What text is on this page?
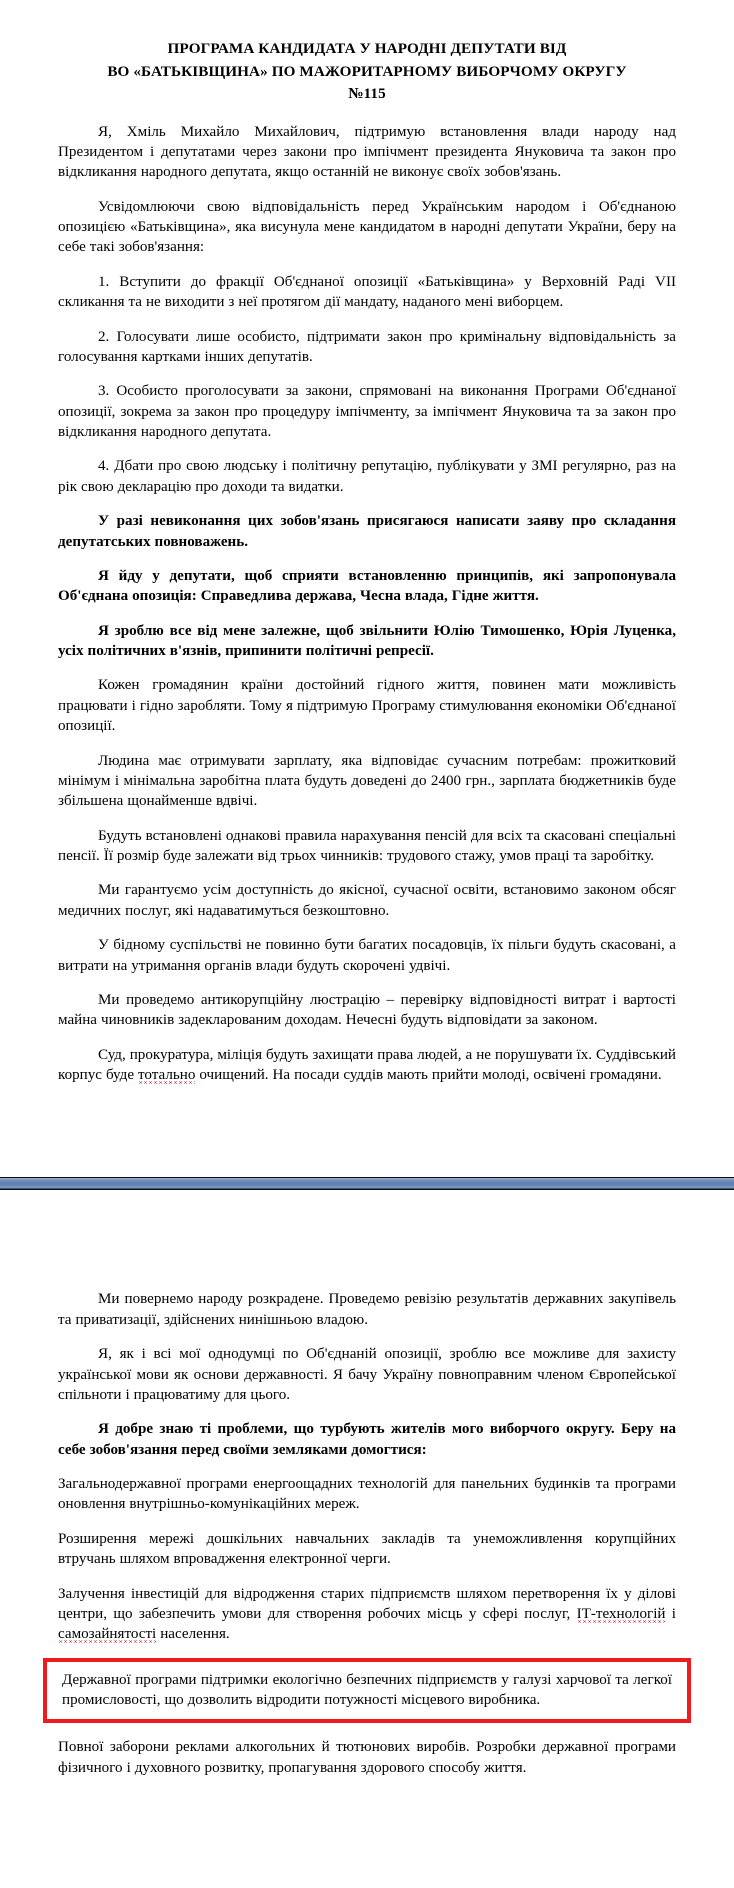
ПРОГРАМА КАНДИДАТА У НАРОДНІ ДЕПУТАТИ ВІД
ВО «БАТЬКІВЩИНА» ПО МАЖОРИТАРНОМУ ВИБОРЧОМУ ОКРУГУ
№115

Я, Хміль Михайло Михайлович, підтримую встановлення влади народу над Президентом і депутатами через закони про імпічмент президента Януковича та закон про відкликання народного депутата, якщо останній не виконує своїх зобов'язань.

Усвідомлюючи свою відповідальність перед Українським народом і Об'єднаною опозицією «Батьківщина», яка висунула мене кандидатом в народні депутати України, беру на себе такі зобов'язання:

1. Вступити до фракції Об'єднаної опозиції «Батьківщина» у Верховній Раді VII скликання та не виходити з неї протягом дії мандату, наданого мені виборцем.

2. Голосувати лише особисто, підтримати закон про кримінальну відповідальність за голосування картками інших депутатів.

3. Особисто проголосувати за закони, спрямовані на виконання Програми Об'єднаної опозиції, зокрема за закон про процедуру імпічменту, за імпічмент Януковича та за закон про відкликання народного депутата.

4. Дбати про свою людську і політичну репутацію, публікувати у ЗМІ регулярно, раз на рік свою декларацію про доходи та видатки.

У разі невиконання цих зобов'язань присягаюся написати заяву про складання депутатських повноважень.

Я йду у депутати, щоб сприяти встановленню принципів, які запропонувала Об'єднана опозиція: Справедлива держава, Чесна влада, Гідне життя.

Я зроблю все від мене залежне, щоб звільнити Юлію Тимошенко, Юрія Луценка, усіх політичних в'язнів, припинити політичні репресії.

Кожен громадянин країни достойний гідного життя, повинен мати можливість працювати і гідно заробляти. Тому я підтримую Програму стимулювання економіки Об'єднаної опозиції.

Людина має отримувати зарплату, яка відповідає сучасним потребам: прожитковий мінімум і мінімальна заробітна плата будуть доведені до 2400 грн., зарплата бюджетників буде збільшена щонайменше вдвічі.

Будуть встановлені однакові правила нарахування пенсій для всіх та скасовані спеціальні пенсії. Її розмір буде залежати від трьох чинників: трудового стажу, умов праці та заробітку.

Ми гарантуємо усім доступність до якісної, сучасної освіти, встановимо законом обсяг медичних послуг, які надаватимуться безкоштовно.

У бідному суспільстві не повинно бути багатих посадовців, їх пільги будуть скасовані, а витрати на утримання органів влади будуть скорочені удвічі.

Ми проведемо антикорупційну люстрацію – перевірку відповідності витрат і вартості майна чиновників задекларованим доходам. Нечесні будуть відповідати за законом.

Суд, прокуратура, міліція будуть захищати права людей, а не порушувати їх. Суддівський корпус буде тотально очищений. На посади суддів мають прийти молоді, освічені громадяни.

Ми повернемо народу розкрадене. Проведемо ревізію результатів державних закупівель та приватизації, здійснених нинішньою владою.

Я, як і всі мої однодумці по Об'єднаній опозиції, зроблю все можливе для захисту української мови як основи державності. Я бачу Україну повноправним членом Європейської спільноти і працюватиму для цього.

Я добре знаю ті проблеми, що турбують жителів мого виборчого округу. Беру на себе зобов'язання перед своїми земляками домогтися:

Загальнодержавної програми енергоощадних технологій для панельних будинків та програми оновлення внутрішньо-комунікаційних мереж.

Розширення мережі дошкільних навчальних закладів та унеможливлення корупційних втручань шляхом впровадження електронної черги.

Залучення інвестицій для відродження старих підприємств шляхом перетворення їх у ділові центри, що забезпечить умови для створення робочих місць у сфері послуг, ІТ-технологій і самозайнятості населення.

Державної програми підтримки екологічно безпечних підприємств у галузі харчової та легкої промисловості, що дозволить відродити потужності місцевого виробника.

Повної заборони реклами алкогольних й тютюнових виробів. Розробки державної програми фізичного і духовного розвитку, пропагування здорового способу життя.
